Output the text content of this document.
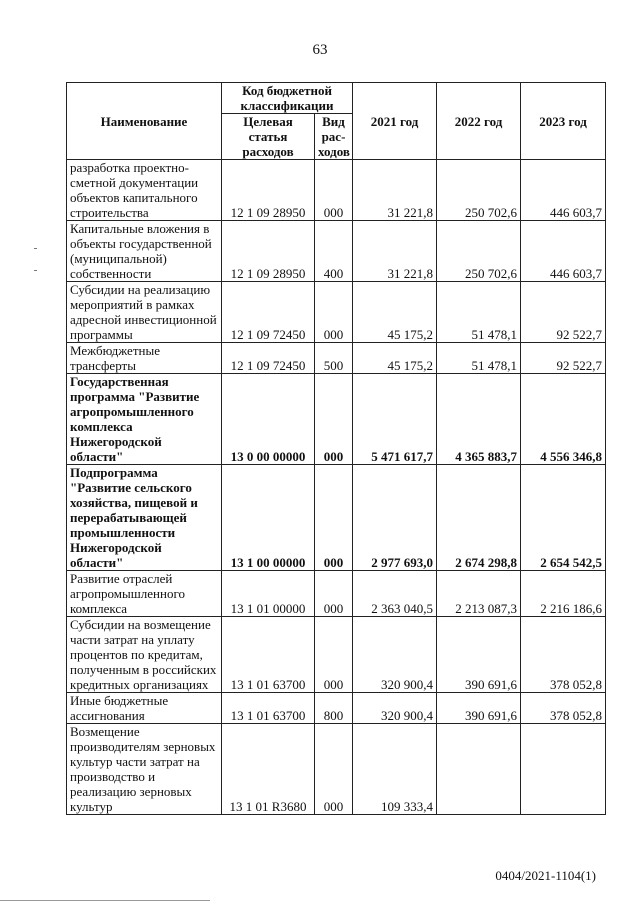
63
Наименование	Код бюджетной классификации		2021 год	2022 год	2023 год
	Целевая статья расходов	Вид рас-ходов			
разработка проектно-сметной документации объектов капитального строительства	12 1 09 28950	000	31 221,8	250 702,6	446 603,7
Капитальные вложения в объекты государственной (муниципальной) собственности	12 1 09 28950	400	31 221,8	250 702,6	446 603,7
Субсидии на реализацию мероприятий в рамках адресной инвестиционной программы	12 1 09 72450	000	45 175,2	51 478,1	92 522,7
Межбюджетные трансферты	12 1 09 72450	500	45 175,2	51 478,1	92 522,7
Государственная программа "Развитие агропромышленного комплекса Нижегородской области"	13 0 00 00000	000	5 471 617,7	4 365 883,7	4 556 346,8
Подпрограмма "Развитие сельского хозяйства, пищевой и перерабатывающей промышленности Нижегородской области"	13 1 00 00000	000	2 977 693,0	2 674 298,8	2 654 542,5
Развитие отраслей агропромышленного комплекса	13 1 01 00000	000	2 363 040,5	2 213 087,3	2 216 186,6
Субсидии на возмещение части затрат на уплату процентов по кредитам, полученным в российских кредитных организациях	13 1 01 63700	000	320 900,4	390 691,6	378 052,8
Иные бюджетные ассигнования	13 1 01 63700	800	320 900,4	390 691,6	378 052,8
Возмещение производителям зерновых культур части затрат на производство и реализацию зерновых культур	13 1 01 R3680	000	109 333,4		
0404/2021-1104(1)
